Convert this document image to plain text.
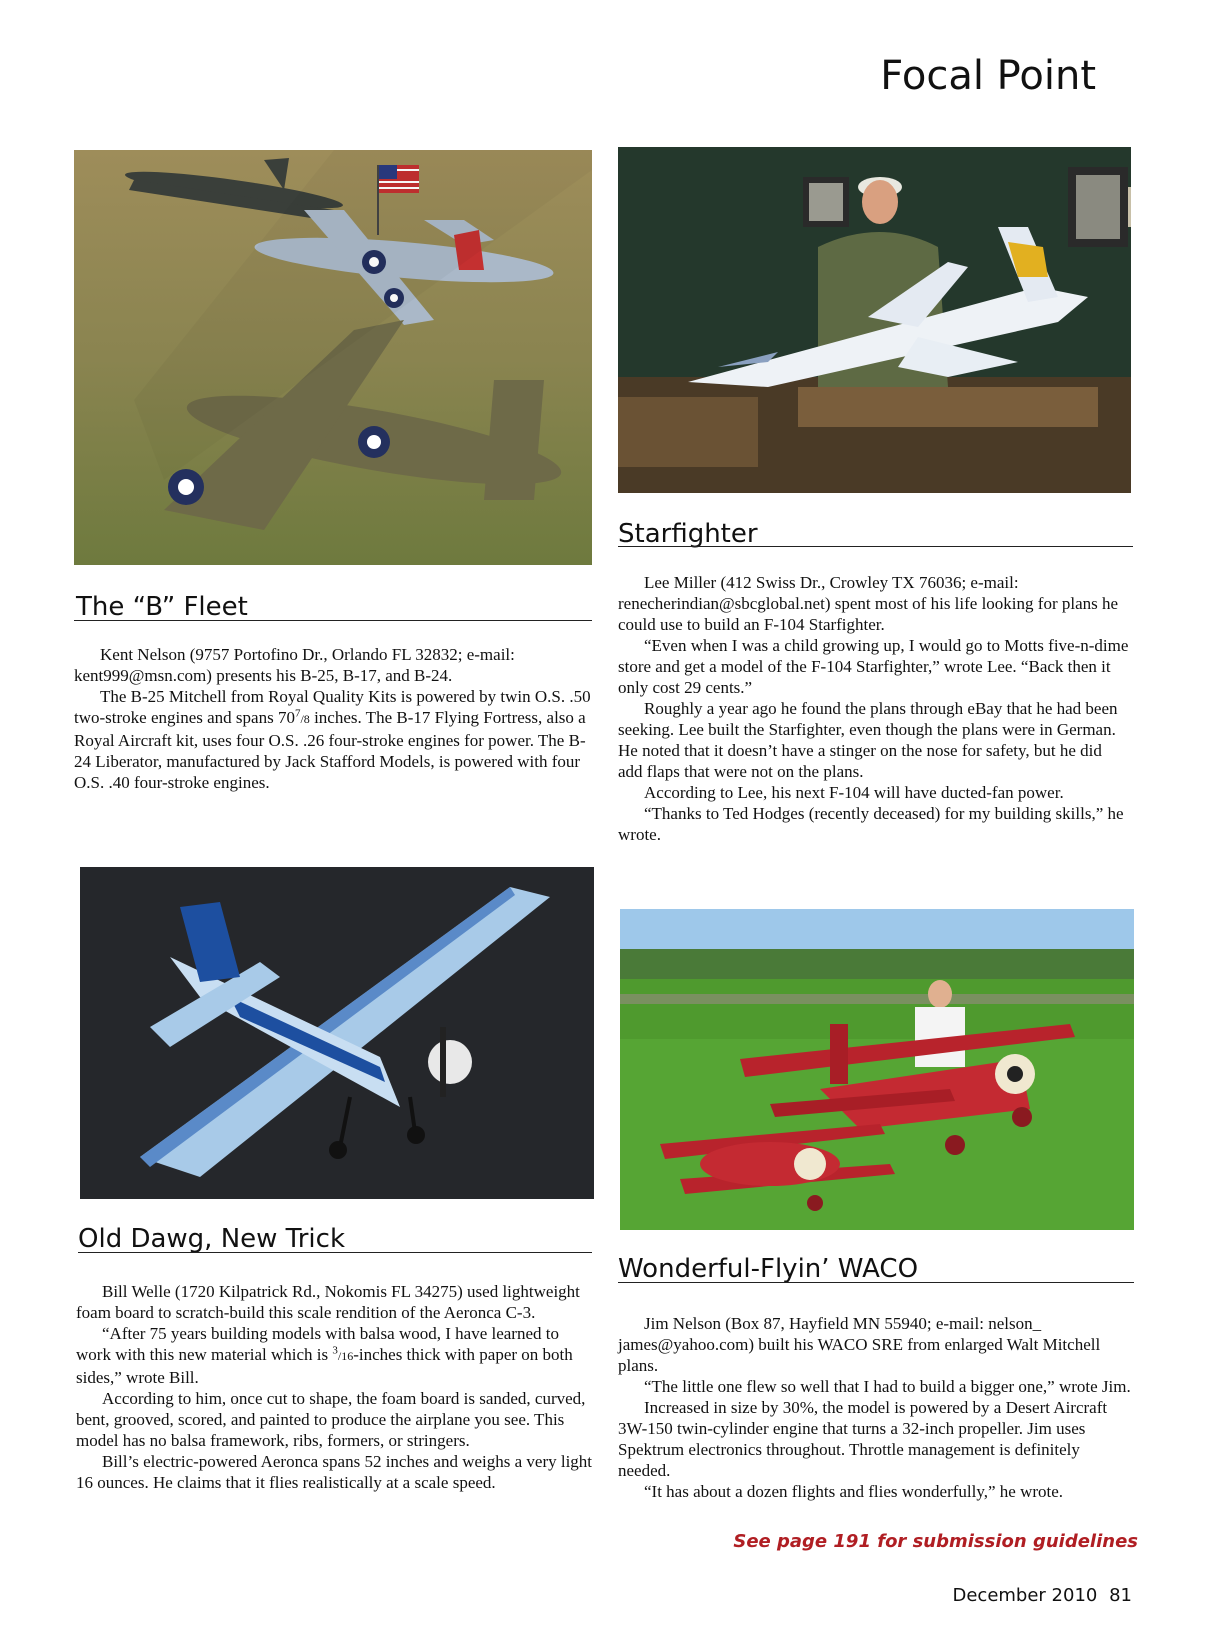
Focal Point
The “B” Fleet

Kent Nelson (9757 Portofino Dr., Orlando FL 32832; e-mail: kent999@msn.com) presents his B-25, B-17, and B-24.

The B-25 Mitchell from Royal Quality Kits is powered by twin O.S. .50 two-stroke engines and spans $70^7/8$ inches. The B-17 Flying Fortress, also a Royal Aircraft kit, uses four O.S. .26 four-stroke engines for power. The B-24 Liberator, manufactured by Jack Stafford Models, is powered with four O.S. .40 four-stroke engines.

Starfighter

Lee Miller (412 Swiss Dr., Crowley TX 76036; e-mail: renecherindian@sbcglobal.net) spent most of his life looking for plans he could use to build an F-104 Starfighter.

“Even when I was a child growing up, I would go to Motts five-n-dime store and get a model of the F-104 Starfighter,” wrote Lee. “Back then it only cost 29 cents.”

Roughly a year ago he found the plans through eBay that he had been seeking. Lee built the Starfighter, even though the plans were in German. He noted that it doesn’t have a stinger on the nose for safety, but he did add flaps that were not on the plans.

According to Lee, his next F-104 will have ducted-fan power.

“Thanks to Ted Hodges (recently deceased) for my building skills,” he wrote.

Old Dawg, New Trick

Bill Welle (1720 Kilpatrick Rd., Nokomis FL 34275) used lightweight foam board to scratch-build this scale rendition of the Aeronca C-3.

“After 75 years building models with balsa wood, I have learned to work with this new material which is $^3$/16-inches thick with paper on both sides,” wrote Bill.

According to him, once cut to shape, the foam board is sanded, curved, bent, grooved, scored, and painted to produce the airplane you see. This model has no balsa framework, ribs, formers, or stringers.

Bill’s electric-powered Aeronca spans 52 inches and weighs a very light 16 ounces. He claims that it flies realistically at a scale speed.

Wonderful-Flyin’ WACO

Jim Nelson (Box 87, Hayfield MN 55940; e-mail: nelson_ james@yahoo.com) built his WACO SRE from enlarged Walt Mitchell plans.

“The little one flew so well that I had to build a bigger one,” wrote Jim.

Increased in size by 30%, the model is powered by a Desert Aircraft 3W-150 twin-cylinder engine that turns a 32-inch propeller. Jim uses Spektrum electronics throughout. Throttle management is definitely needed.

“It has about a dozen flights and flies wonderfully,” he wrote.

See page 191 for submission guidelines
December 2010 81
